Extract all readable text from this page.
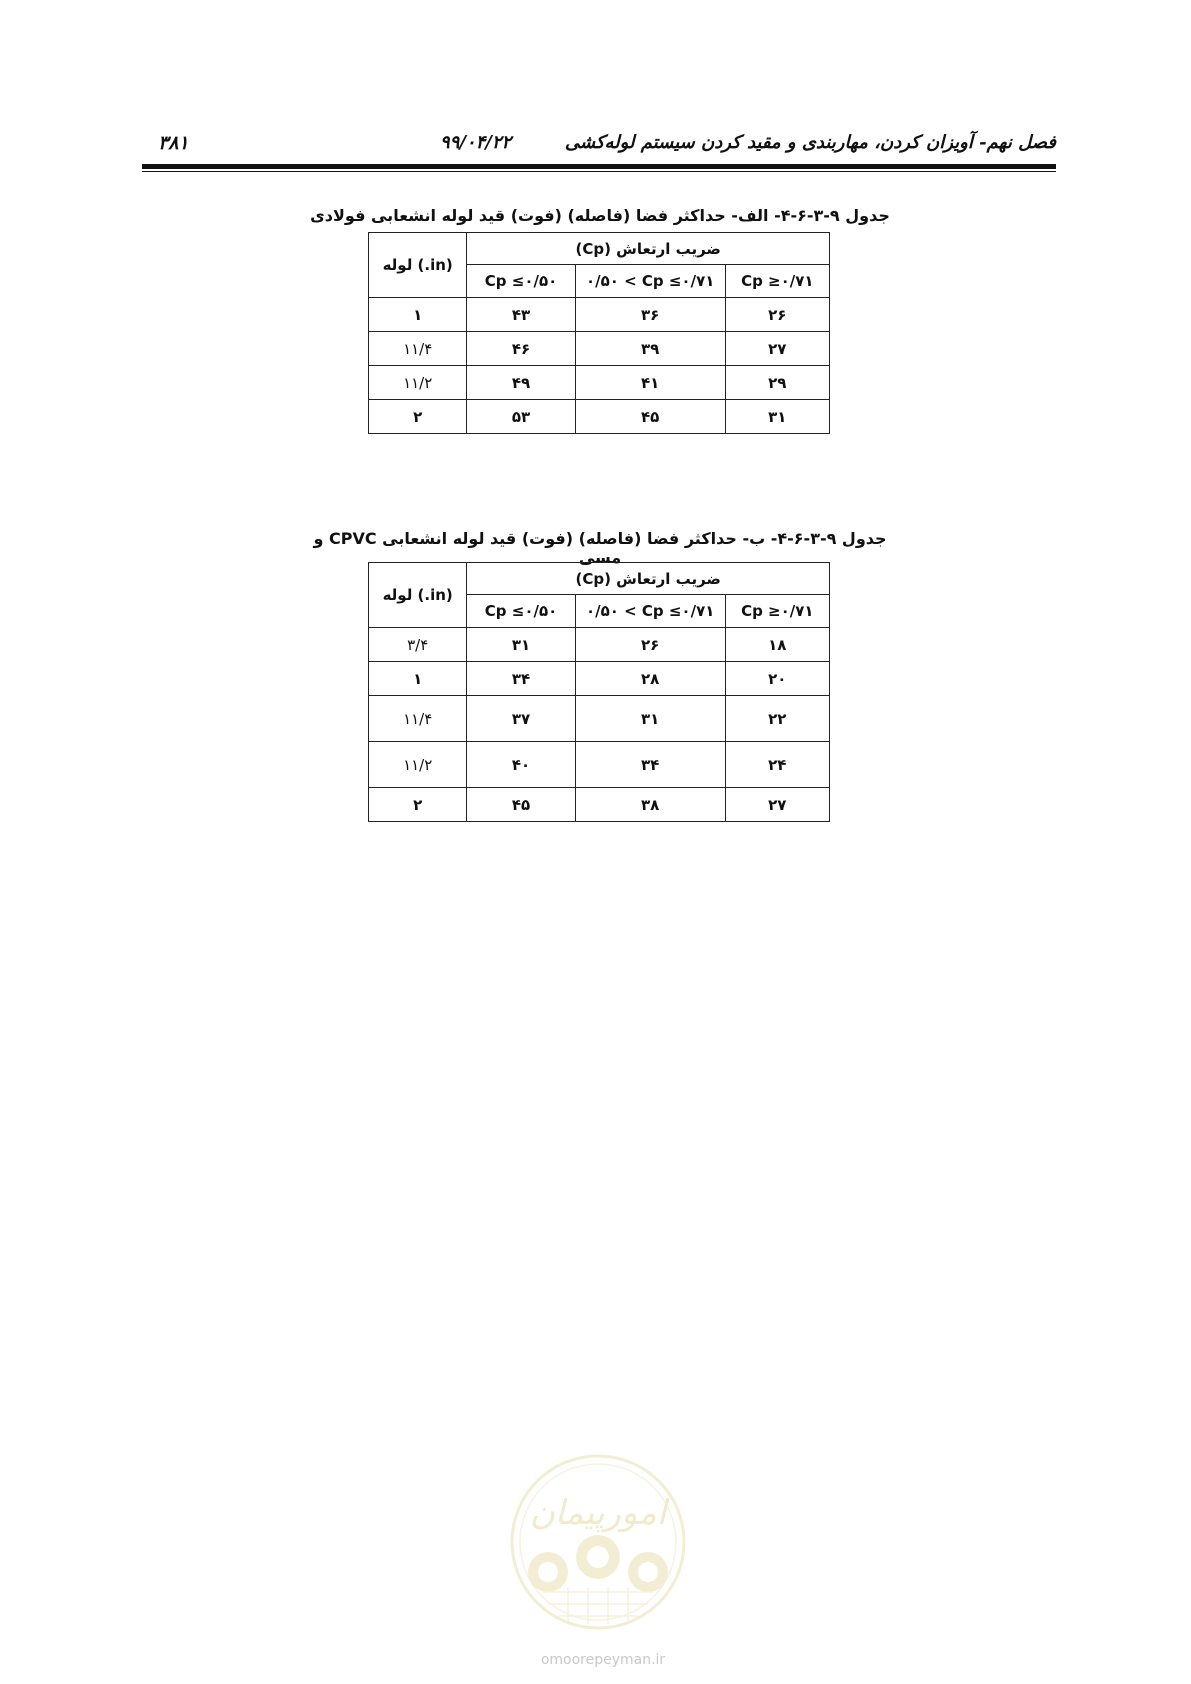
۳۸۱	۹۹/۰۴/۲۲	فصل نهم- آویزان کردن، مهاربندی و مقید کردن سیستم لوله‌کشی
جدول ۹-۳-۶-۴- الف- حداکثر فضا (فاصله) (فوت) قید لوله انشعابی فولادی
ضریب ارتعاش (Cp)			لوله (.in)
Cp ≥۰/۷۱	۰/۵۰ < Cp ≤۰/۷۱	Cp ≤۰/۵۰	
۲۶	۳۶	۴۳	۱
۲۷	۳۹	۴۶	۱۱/۴
۲۹	۴۱	۴۹	۱۱/۲
۳۱	۴۵	۵۳	۲
جدول ۹-۳-۶-۴- ب- حداکثر فضا (فاصله) (فوت) قید لوله انشعابی CPVC و مسی
ضریب ارتعاش (Cp)			لوله (.in)
Cp ≥۰/۷۱	۰/۵۰ < Cp ≤۰/۷۱	Cp ≤۰/۵۰	
۱۸	۲۶	۳۱	۳/۴
۲۰	۲۸	۳۴	۱
۲۲	۳۱	۳۷	۱۱/۴
۲۴	۳۴	۴۰	۱۱/۲
۲۷	۳۸	۴۵	۲
امورپیمان
omoorepeyman.ir
